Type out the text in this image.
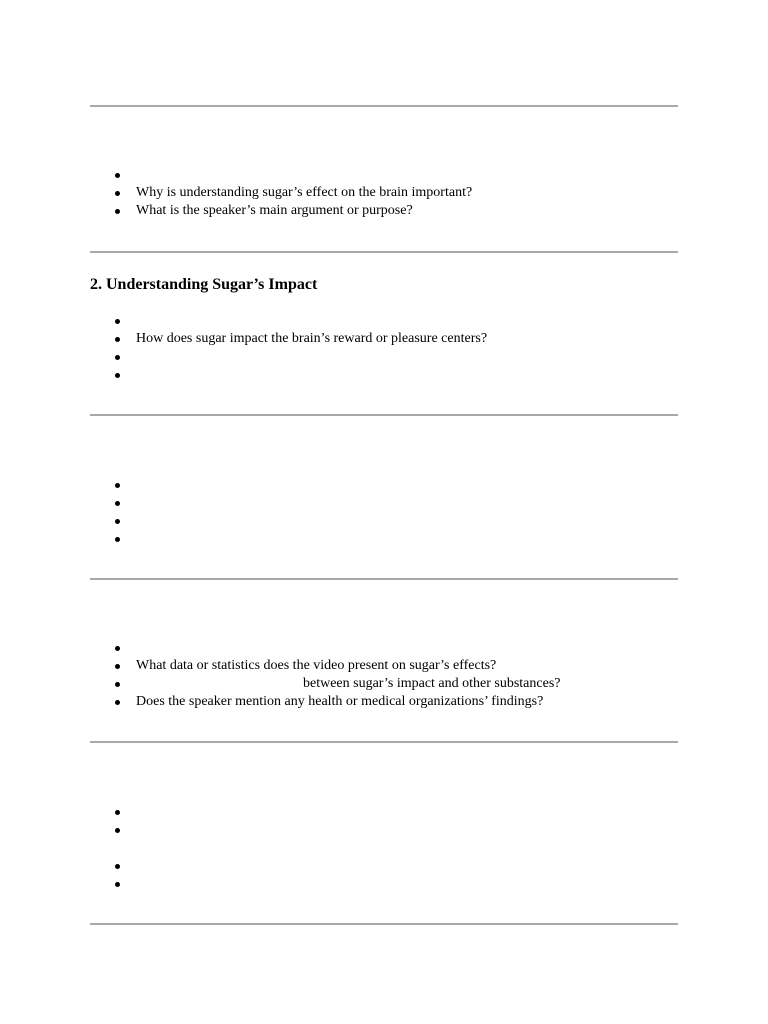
Why is understanding sugar’s effect on the brain important?
What is the speaker’s main argument or purpose?
2. Understanding Sugar’s Impact
How does sugar impact the brain’s reward or pleasure centers?
What data or statistics does the video present on sugar’s effects?
between sugar’s impact and other substances?
Does the speaker mention any health or medical organizations’ findings?
